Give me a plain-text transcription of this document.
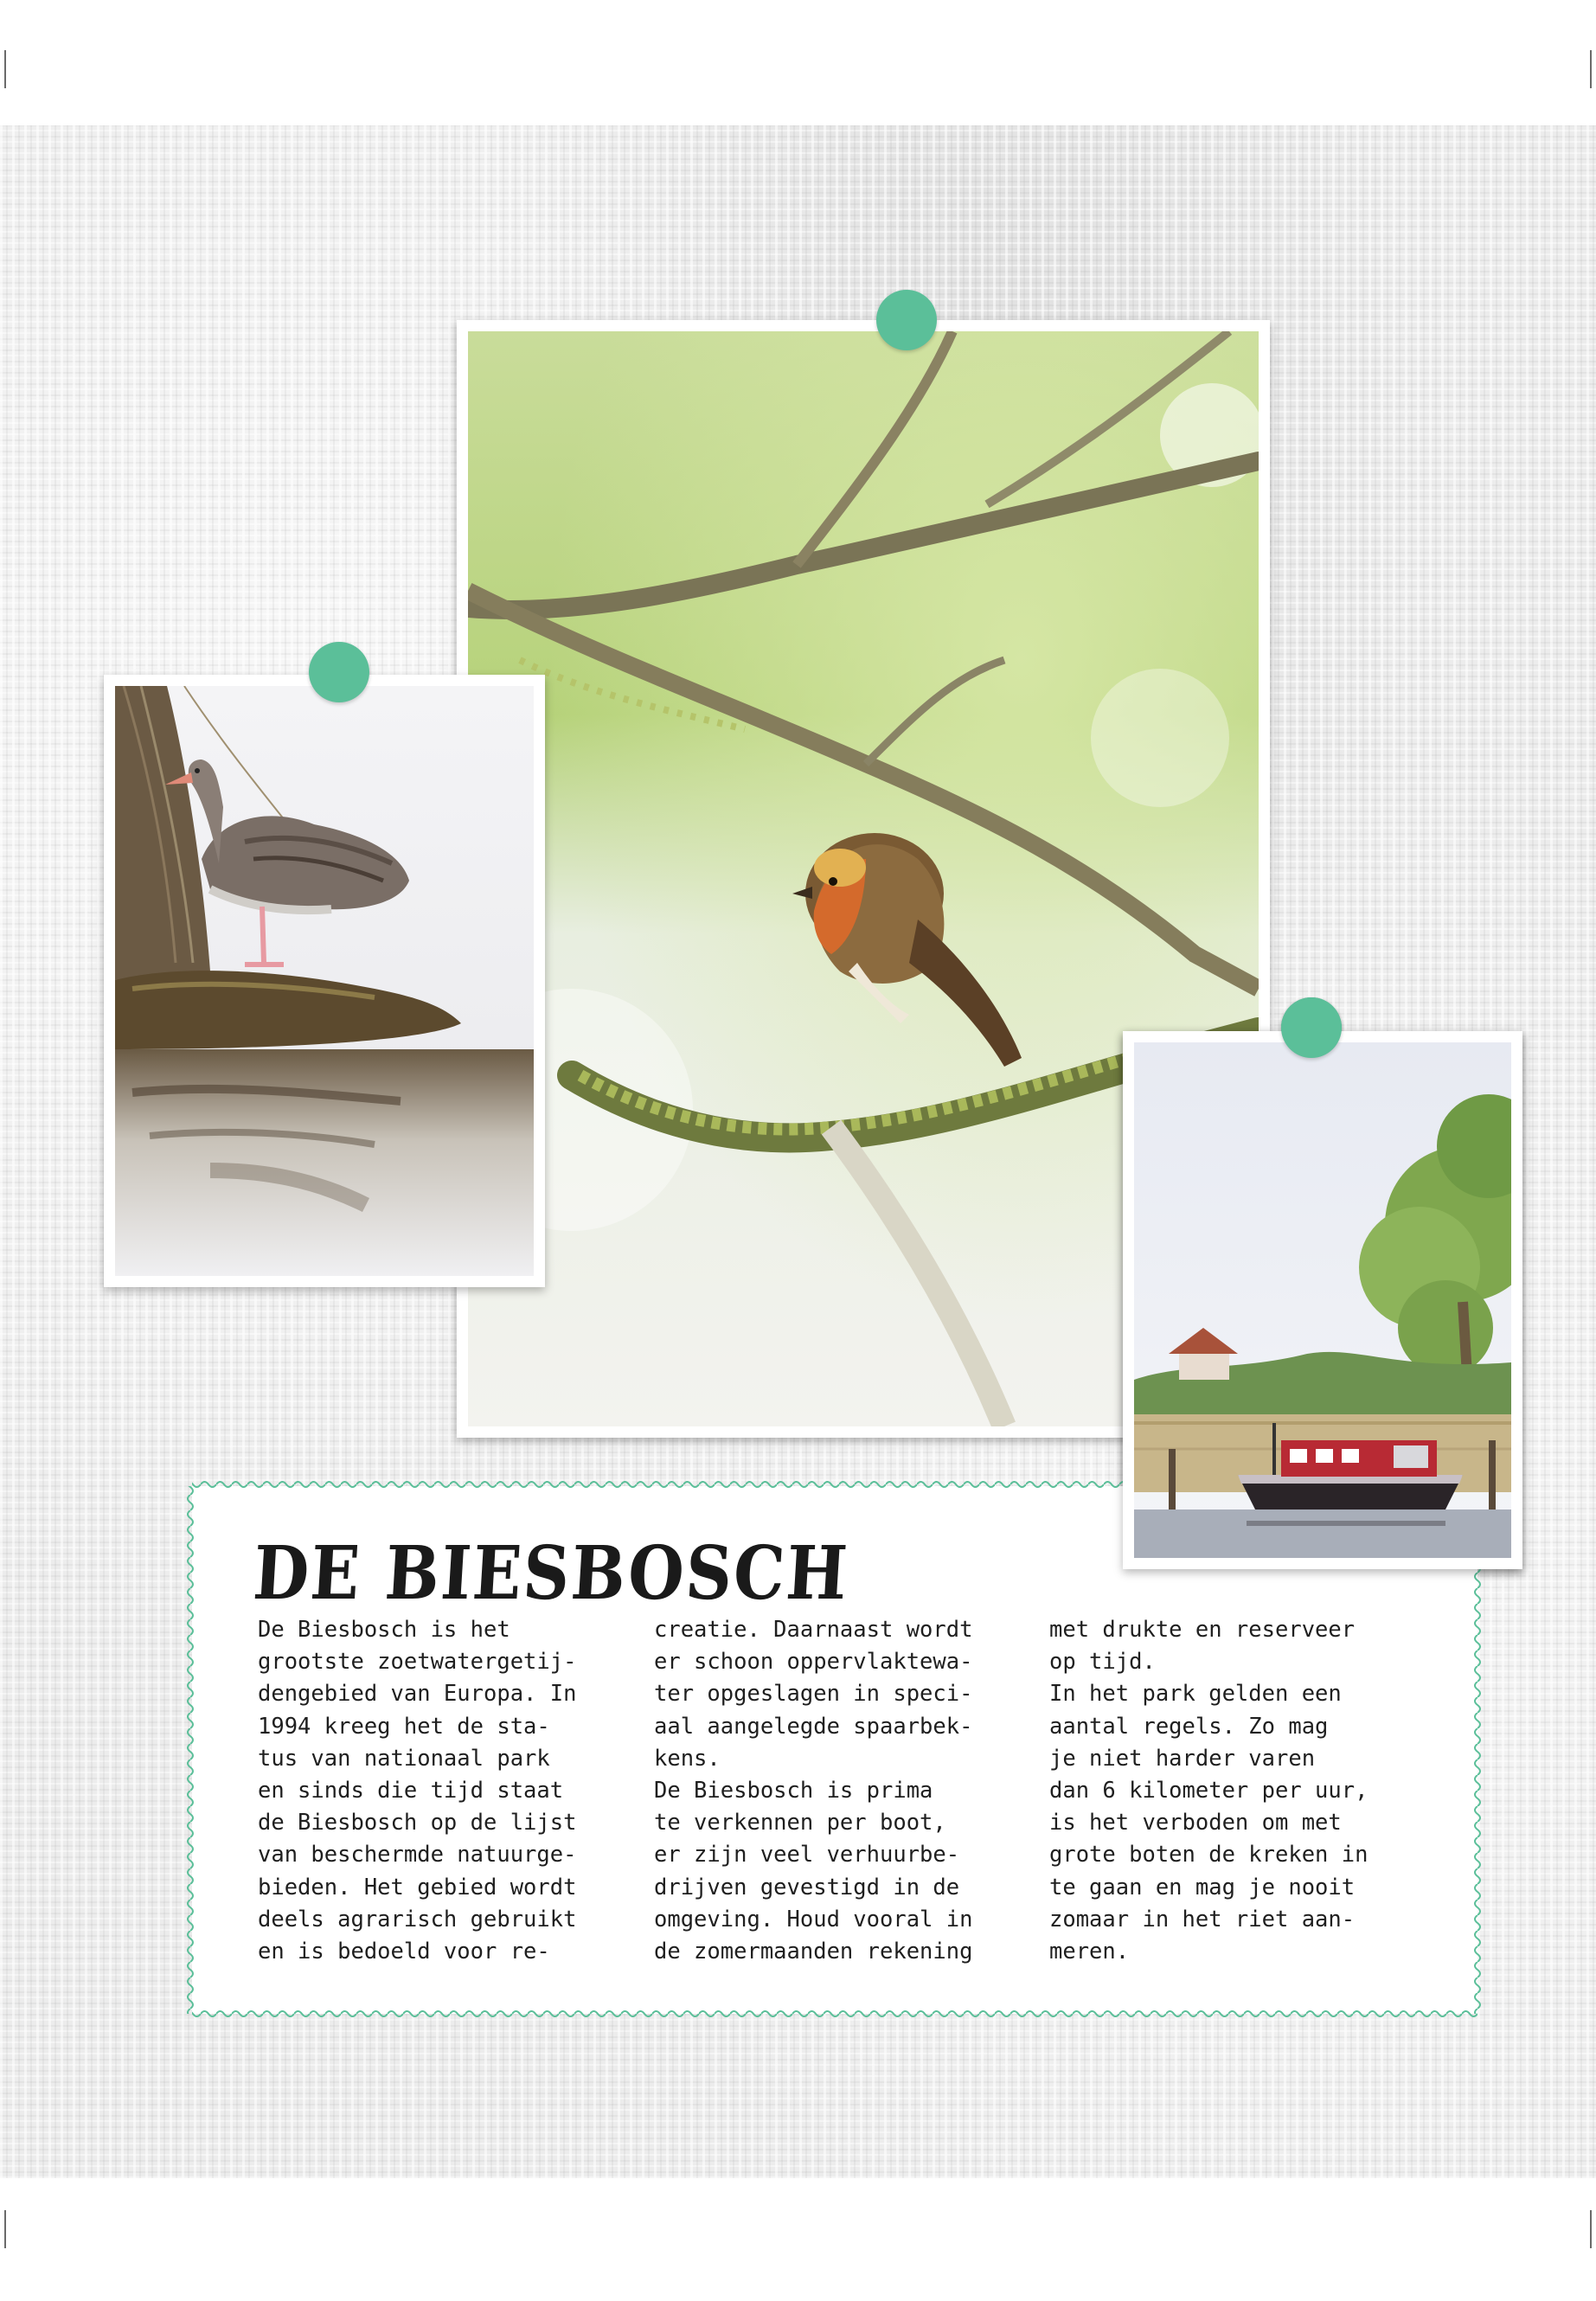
DE BIESBOSCH

De Biesbosch is het
grootste zoetwatergetij-
dengebied van Europa. In
1994 kreeg het de sta-
tus van nationaal park
en sinds die tijd staat
de Biesbosch op de lijst
van beschermde natuurge-
bieden. Het gebied wordt
deels agrarisch gebruikt
en is bedoeld voor re-

creatie. Daarnaast wordt
er schoon oppervlaktewa-
ter opgeslagen in speci-
aal aangelegde spaarbek-
kens.
De Biesbosch is prima
te verkennen per boot,
er zijn veel verhuurbe-
drijven gevestigd in de
omgeving. Houd vooral in
de zomermaanden rekening

met drukte en reserveer
op tijd.
In het park gelden een
aantal regels. Zo mag
je niet harder varen
dan 6 kilometer per uur,
is het verboden om met
grote boten de kreken in
te gaan en mag je nooit
zomaar in het riet aan-
meren.
